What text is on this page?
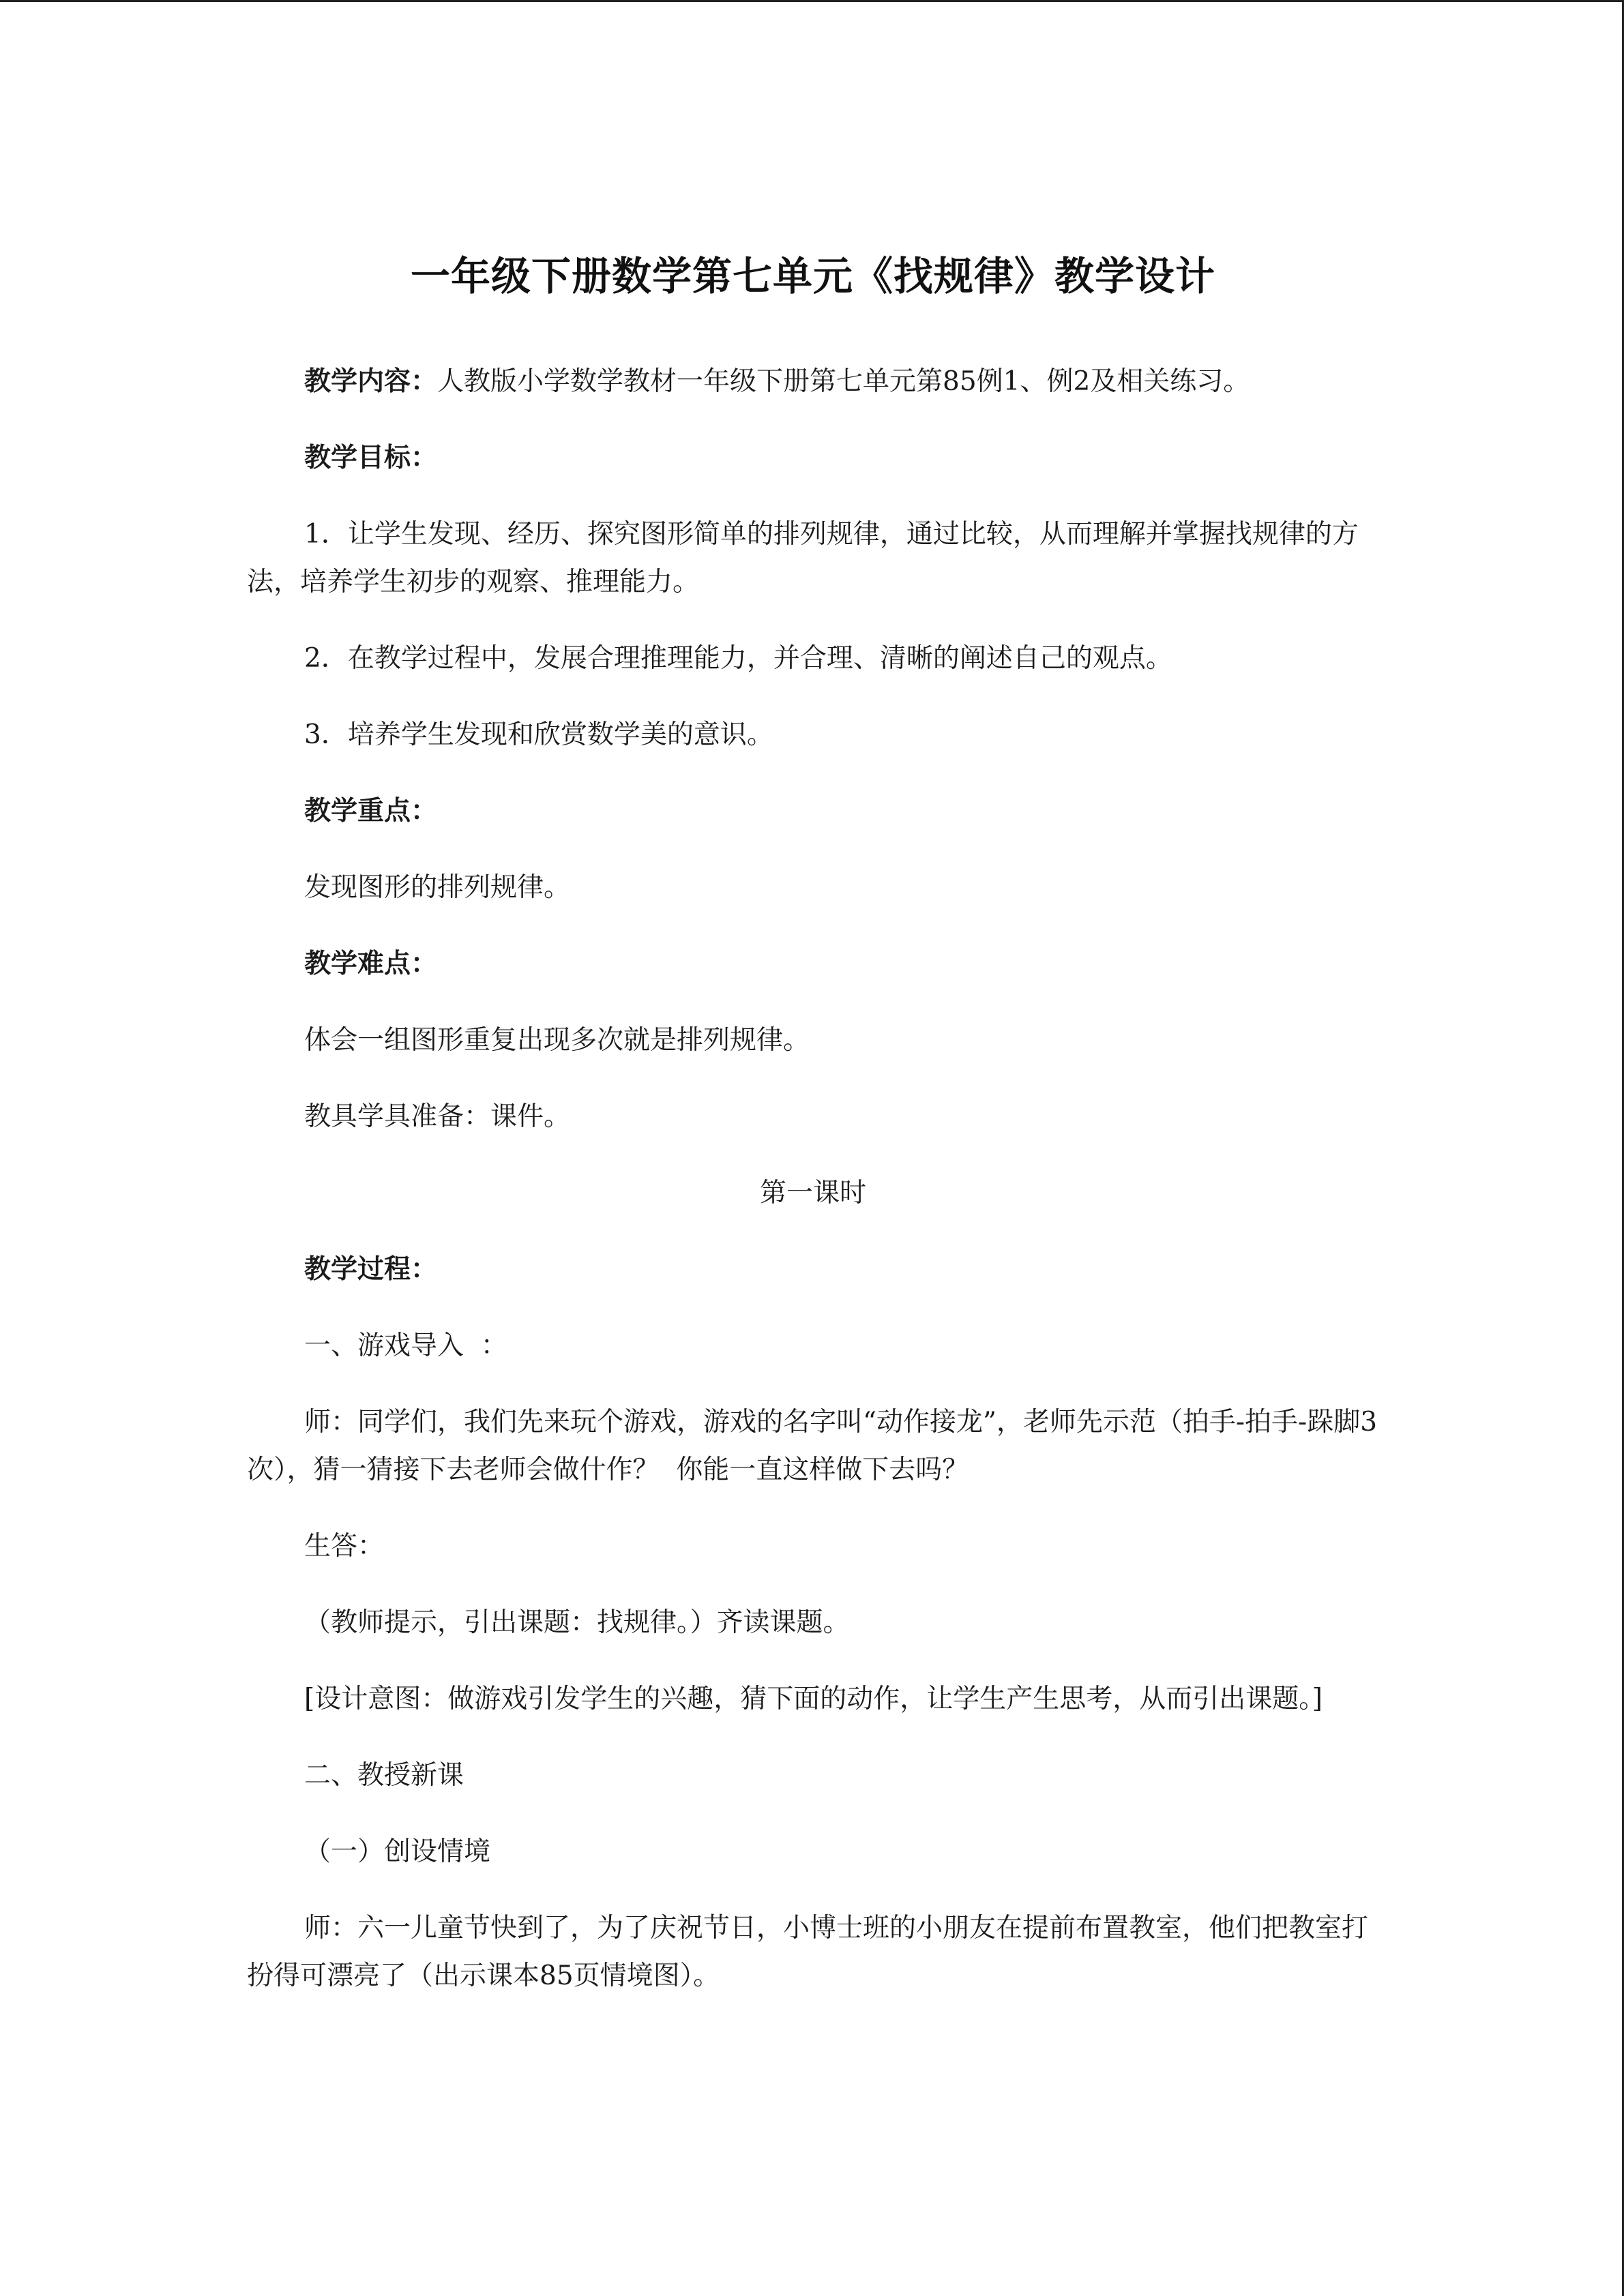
一年级下册数学第七单元《找规律》教学设计

教学内容：人教版小学数学教材一年级下册第七单元第85例1、例2及相关练习。

教学目标：

1．让学生发现、经历、探究图形简单的排列规律，通过比较，从而理解并掌握找规律的方法，培养学生初步的观察、推理能力。

2．在教学过程中，发展合理推理能力，并合理、清晰的阐述自己的观点。

3．培养学生发现和欣赏数学美的意识。

教学重点：

发现图形的排列规律。

教学难点：

体会一组图形重复出现多次就是排列规律。

教具学具准备：课件。

第一课时

教学过程：

一、游戏导入  ：

师：同学们，我们先来玩个游戏，游戏的名字叫“动作接龙”，老师先示范（拍手-拍手-跺脚3次），猜一猜接下去老师会做什作？  你能一直这样做下去吗？

生答：

（教师提示，引出课题：找规律。）齐读课题。

[设计意图：做游戏引发学生的兴趣，猜下面的动作，让学生产生思考，从而引出课题。]

二、教授新课

（一）创设情境

师：六一儿童节快到了，为了庆祝节日，小博士班的小朋友在提前布置教室，他们把教室打扮得可漂亮了（出示课本85页情境图）。
